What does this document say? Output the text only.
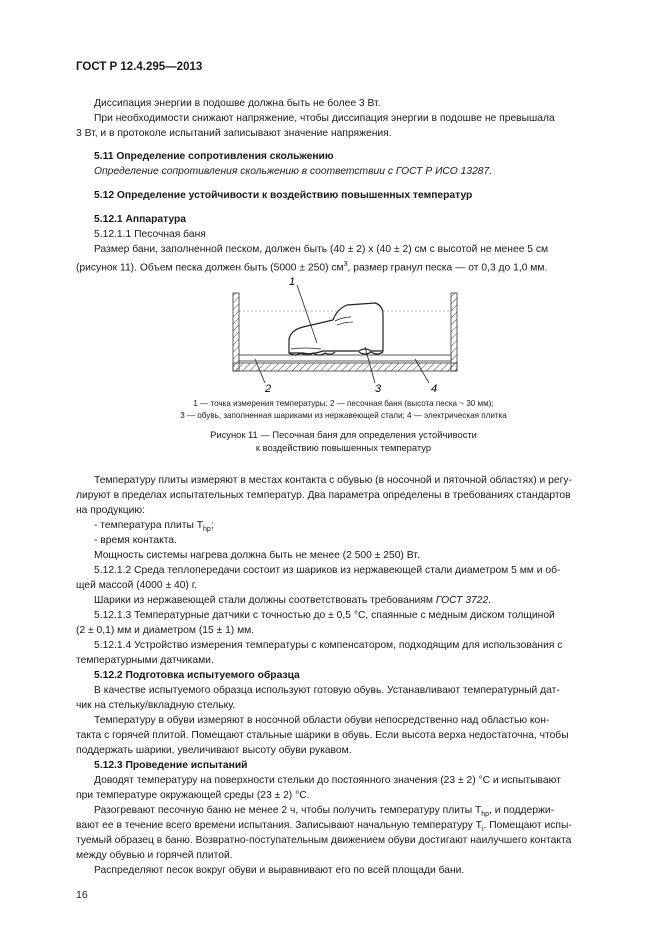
ГОСТ Р 12.4.295—2013

Диссипация энергии в подошве должна быть не более 3 Вт.

При необходимости снижают напряжение, чтобы диссипация энергии в подошве не превышала

3 Вт, и в протоколе испытаний записывают значение напряжения.

5.11 Определение сопротивления скольжению

Определение сопротивления скольжению в соответствии с ГОСТ Р ИСО 13287.

5.12 Определение устойчивости к воздействию повышенных температур

5.12.1 Аппаратура

5.12.1.1 Песочная баня

Размер бани, заполненной песком, должен быть (40 ± 2) x (40 ± 2) см с высотой не менее 5 см

(рисунок 11). Объем песка должен быть (5000 ± 250) $см^3$, размер гранул песка — от 0,3 до 1,0 мм.

1
2	3	4
1 — точка измерения температуры; 2 — песочная баня (высота песка ~ 30 мм);
3 — обувь, заполненная шариками из нержавеющей стали; 4 — электрическая плитка
Рисунок 11 — Песочная баня для определения устойчивости
к воздействию повышенных температур

Температуру плиты измеряют в местах контакта с обувью (в носочной и пяточной областях) и регу-

лируют в пределах испытательных температур. Два параметра определены в требованиях стандартов

на продукцию:

- температура плиты $T_{hp}$;

- время контакта.

Мощность системы нагрева должна быть не менее (2 500 ± 250) Вт.

5.12.1.2 Среда теплопередачи состоит из шариков из нержавеющей стали диаметром 5 мм и об-

щей массой (4000 ± 40) г.

Шарики из нержавеющей стали должны соответствовать требованиям ГОСТ 3722.

5.12.1.3 Температурные датчики с точностью до ± 0,5 °С, спаянные с медным диском толщиной

(2 ± 0,1) мм и диаметром (15 ± 1) мм.

5.12.1.4 Устройство измерения температуры с компенсатором, подходящим для использования с

температурными датчиками.

5.12.2 Подготовка испытуемого образца

В качестве испытуемого образца используют готовую обувь. Устанавливают температурный дат-

чик на стельку/вкладную стельку.

Температуру в обуви измеряют в носочной области обуви непосредственно над областью кон-

такта с горячей плитой. Помещают стальные шарики в обувь. Если высота верха недостаточна, чтобы

поддержать шарики, увеличивают высоту обуви рукавом.

5.12.3 Проведение испытаний

Доводят температуру на поверхности стельки до постоянного значения (23 ± 2) °С и испытывают

при температуре окружающей среды (23 ± 2) °С.

Разогревают песочную баню не менее 2 ч, чтобы получить температуру плиты $T_{hp}$, и поддержи-

вают ее в течение всего времени испытания. Записывают начальную температуру $T_i$. Помещают испы-

туемый образец в баню. Возвратно-поступательным движением обуви достигают наилучшего контакта

между обувью и горячей плитой.

Распределяют песок вокруг обуви и выравнивают его по всей площади бани.

16
